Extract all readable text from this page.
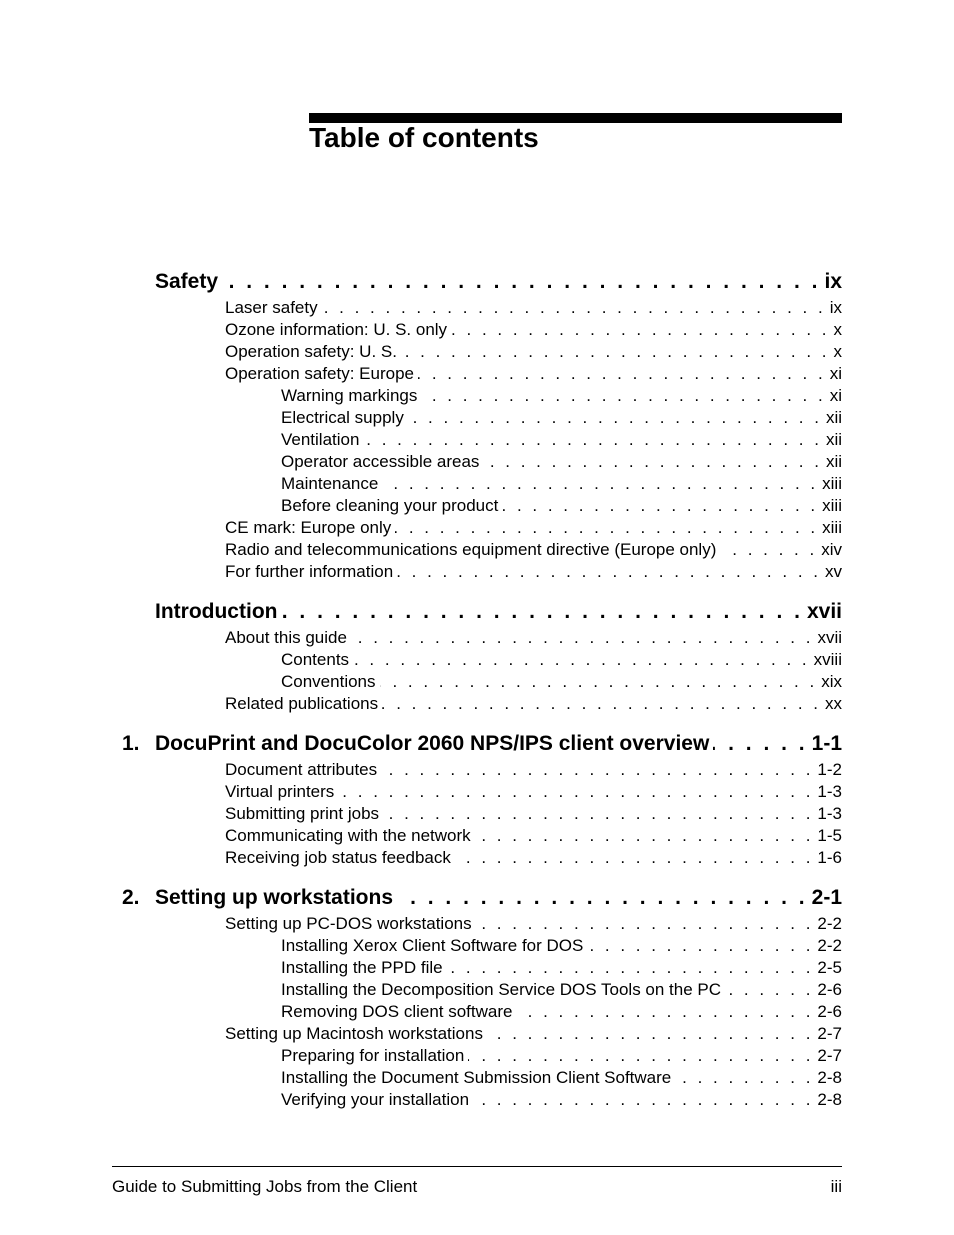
Table of contents
Safety . . .	ix
Laser safety . . .	ix
Ozone information: U. S. only . . .	x
Operation safety: U. S. . . .	x
Operation safety: Europe . . .	xi
Warning markings . . .	xi
Electrical supply . . .	xii
Ventilation . . .	xii
Operator accessible areas . . .	xii
Maintenance . . .	xiii
Before cleaning your product . . .	xiii
CE mark: Europe only . . .	xiii
Radio and telecommunications equipment directive (Europe only) . . .	xiv
For further information . . .	xv
Introduction . . .	xvii
About this guide . . .	xvii
Contents . . .	xviii
Conventions . . .	xix
Related publications . . .	xx
1. DocuPrint and DocuColor 2060 NPS/IPS client overview . . .	1-1
Document attributes . . .	1-2
Virtual printers . . .	1-3
Submitting print jobs . . .	1-3
Communicating with the network . . .	1-5
Receiving job status feedback . . .	1-6
2. Setting up workstations . . .	2-1
Setting up PC-DOS workstations . . .	2-2
Installing Xerox Client Software for DOS . . .	2-2
Installing the PPD file . . .	2-5
Installing the Decomposition Service DOS Tools on the PC . . .	2-6
Removing DOS client software . . .	2-6
Setting up Macintosh workstations . . .	2-7
Preparing for installation . . .	2-7
Installing the Document Submission Client Software . . .	2-8
Verifying your installation . . .	2-8
Guide to Submitting Jobs from the Client	iii
